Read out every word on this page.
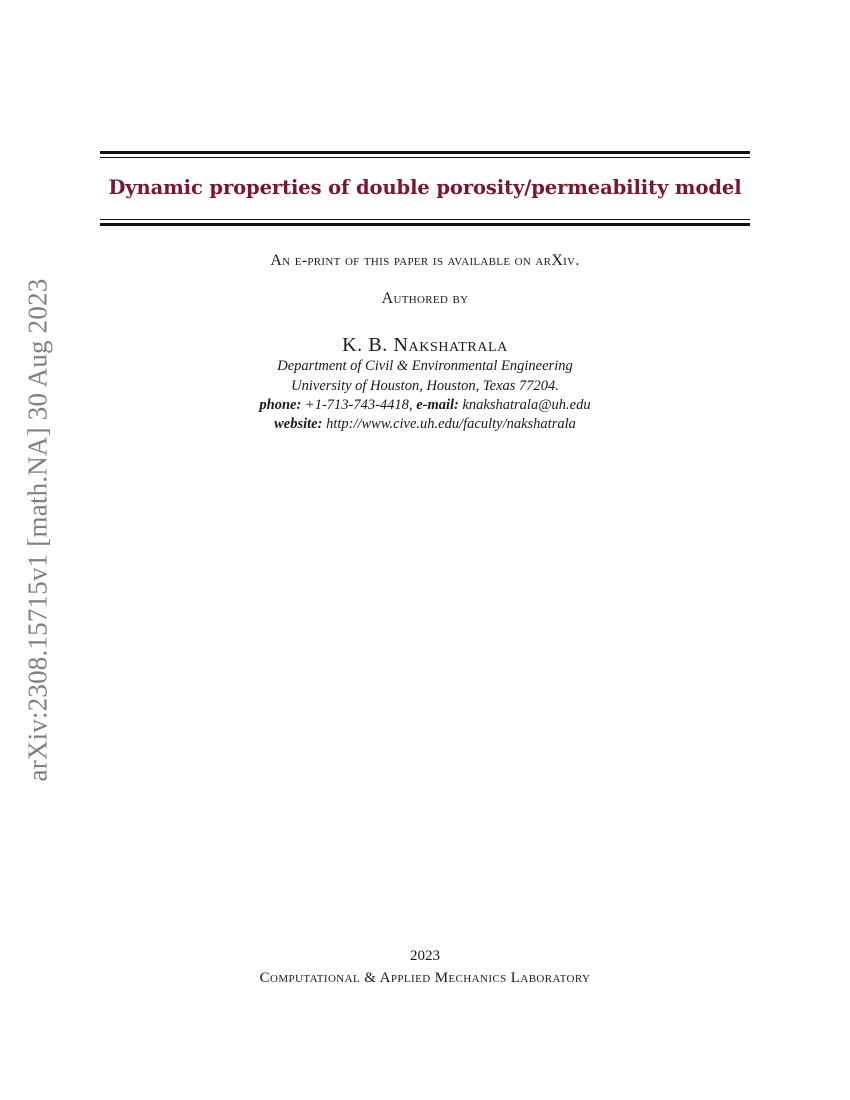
arXiv:2308.15715v1 [math.NA] 30 Aug 2023
Dynamic properties of double porosity/permeability model
An e-print of this paper is available on arXiv.
Authored by
K. B. Nakshatrala
Department of Civil & Environmental Engineering
University of Houston, Houston, Texas 77204.
phone: +1-713-743-4418, e-mail: knakshatrala@uh.edu
website: http://www.cive.uh.edu/faculty/nakshatrala
2023
Computational & Applied Mechanics Laboratory
